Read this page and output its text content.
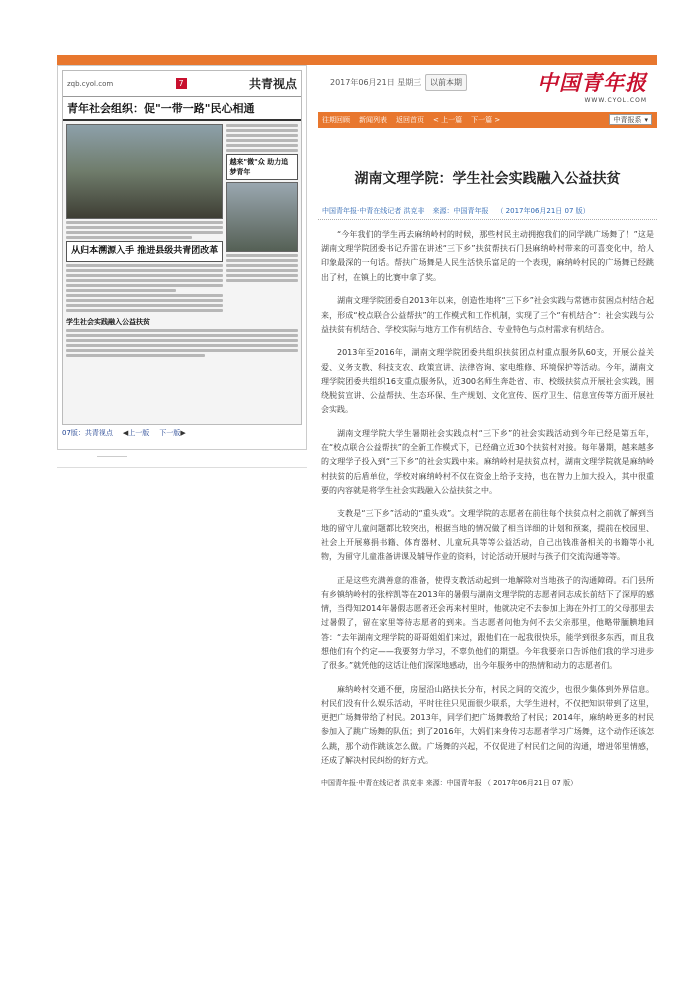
zqb.cyol.com	7	共青视点
青年社会组织：促"一带一路"民心相通
从归本溯源入手 推进县级共青团改革
越来"微"众 助力追梦青年
学生社会实践融入公益扶贫
07版：共青视点 ◀上一版 下一版▶
2017年06月21日 星期三	以前本期	中国青年报
WWW.CYOL.COM
往期回顾 新闻列表 返回首页 < 上一篇 下一篇 >	中青报系 ▾
湖南文理学院：学生社会实践融入公益扶贫
中国青年报·中青在线记者 洪克非 来源：中国青年报 （ 2017年06月21日 07 版）

“今年我们的学生再去麻纳岭村的时候，那些村民主动拥抱我们的同学跳广场舞了！”这是湖南文理学院团委书记乔雷在讲述“三下乡”扶贫帮扶石门县麻纳岭村带来的可喜变化中，给人印象最深的一句话。帮扶广场舞是人民生活快乐富足的一个表现，麻纳岭村民的广场舞已经跳出了村，在镇上的比赛中拿了奖。

湖南文理学院团委自2013年以来，创造性地将“三下乡”社会实践与常德市贫困点村结合起来，形成“校点联合公益帮扶”的工作模式和工作机制，实现了三个“有机结合”：社会实践与公益扶贫有机结合、学校实际与地方工作有机结合、专业特色与点村需求有机结合。

2013年至2016年，湖南文理学院团委共组织扶贫团点村重点服务队60支，开展公益关爱、义务支教、科技支农、政策宣讲、法律咨询、家电维修、环境保护等活动。今年，湖南文理学院团委共组织16支重点服务队，近300名师生奔赴省、市、校级扶贫点开展社会实践，围绕脱贫宣讲、公益帮扶、生态环保、生产规划、文化宣传、医疗卫生、信息宣传等方面开展社会实践。

湖南文理学院大学生暑期社会实践点村“三下乡”的社会实践活动到今年已经是第五年，在“校点联合公益帮扶”的全新工作模式下，已经确立近30个扶贫村对接。每年暑期，越来越多的文理学子投入到“三下乡”的社会实践中来。麻纳岭村是扶贫点村，湖南文理学院就是麻纳岭村扶贫的后盾单位，学校对麻纳岭村不仅在资金上给予支持，也在智力上加大投入，其中很重要的内容就是将学生社会实践融入公益扶贫之中。

支教是“三下乡”活动的“重头戏”。文理学院的志愿者在前往每个扶贫点村之前就了解到当地的留守儿童问题都比较突出，根据当地的情况做了相当详细的计划和预案，提前在校园里、社会上开展募捐书籍、体育器材、儿童玩具等等公益活动，自己出钱准备相关的书籍等小礼物，为留守儿童准备讲课及辅导作业的资料，讨论活动开展时与孩子们交流沟通等等。

正是这些充满善意的准备，使得支教活动起到一地解除对当地孩子的沟通障碍。石门县所有乡镇纳岭村的张梓凯等在2013年的暑假与湖南文理学院的志愿者同志成长前结下了深厚的感情，当得知2014年暑假志愿者还会再来村里时，他就决定不去参加上海在外打工的父母那里去过暑假了，留在家里等待志愿者的到来。当志愿者问他为何不去父亲那里，他略带腼腆地回答：“去年湖南文理学院的哥哥姐姐们来过，跟他们在一起我很快乐，能学到很多东西，而且我想他们有个约定——我要努力学习，不辜负他们的期望。今年我要亲口告诉他们我的学习进步了很多。”就凭他的这话让他们深深地感动，出今年服务中的热情和动力的志愿者们。

麻纳岭村交通不便，房屋沿山路扶长分布，村民之间的交流少，也很少集体到外界信息。村民们没有什么娱乐活动，平时往往只见面很少联系，大学生进村，不仅把知识带到了这里，更把广场舞带给了村民。2013年，同学们把广场舞教给了村民；2014年，麻纳岭更多的村民参加入了跳广场舞的队伍；到了2016年，大妈们来身传习志愿者学习广场舞，这个动作还该怎么跳，那个动作跳该怎么做。广场舞的兴起，不仅促进了村民们之间的沟通，增进邻里情感，还成了解决村民纠纷的好方式。

中国青年报·中青在线记者 洪克非 来源：中国青年报 （ 2017年06月21日 07 版）
